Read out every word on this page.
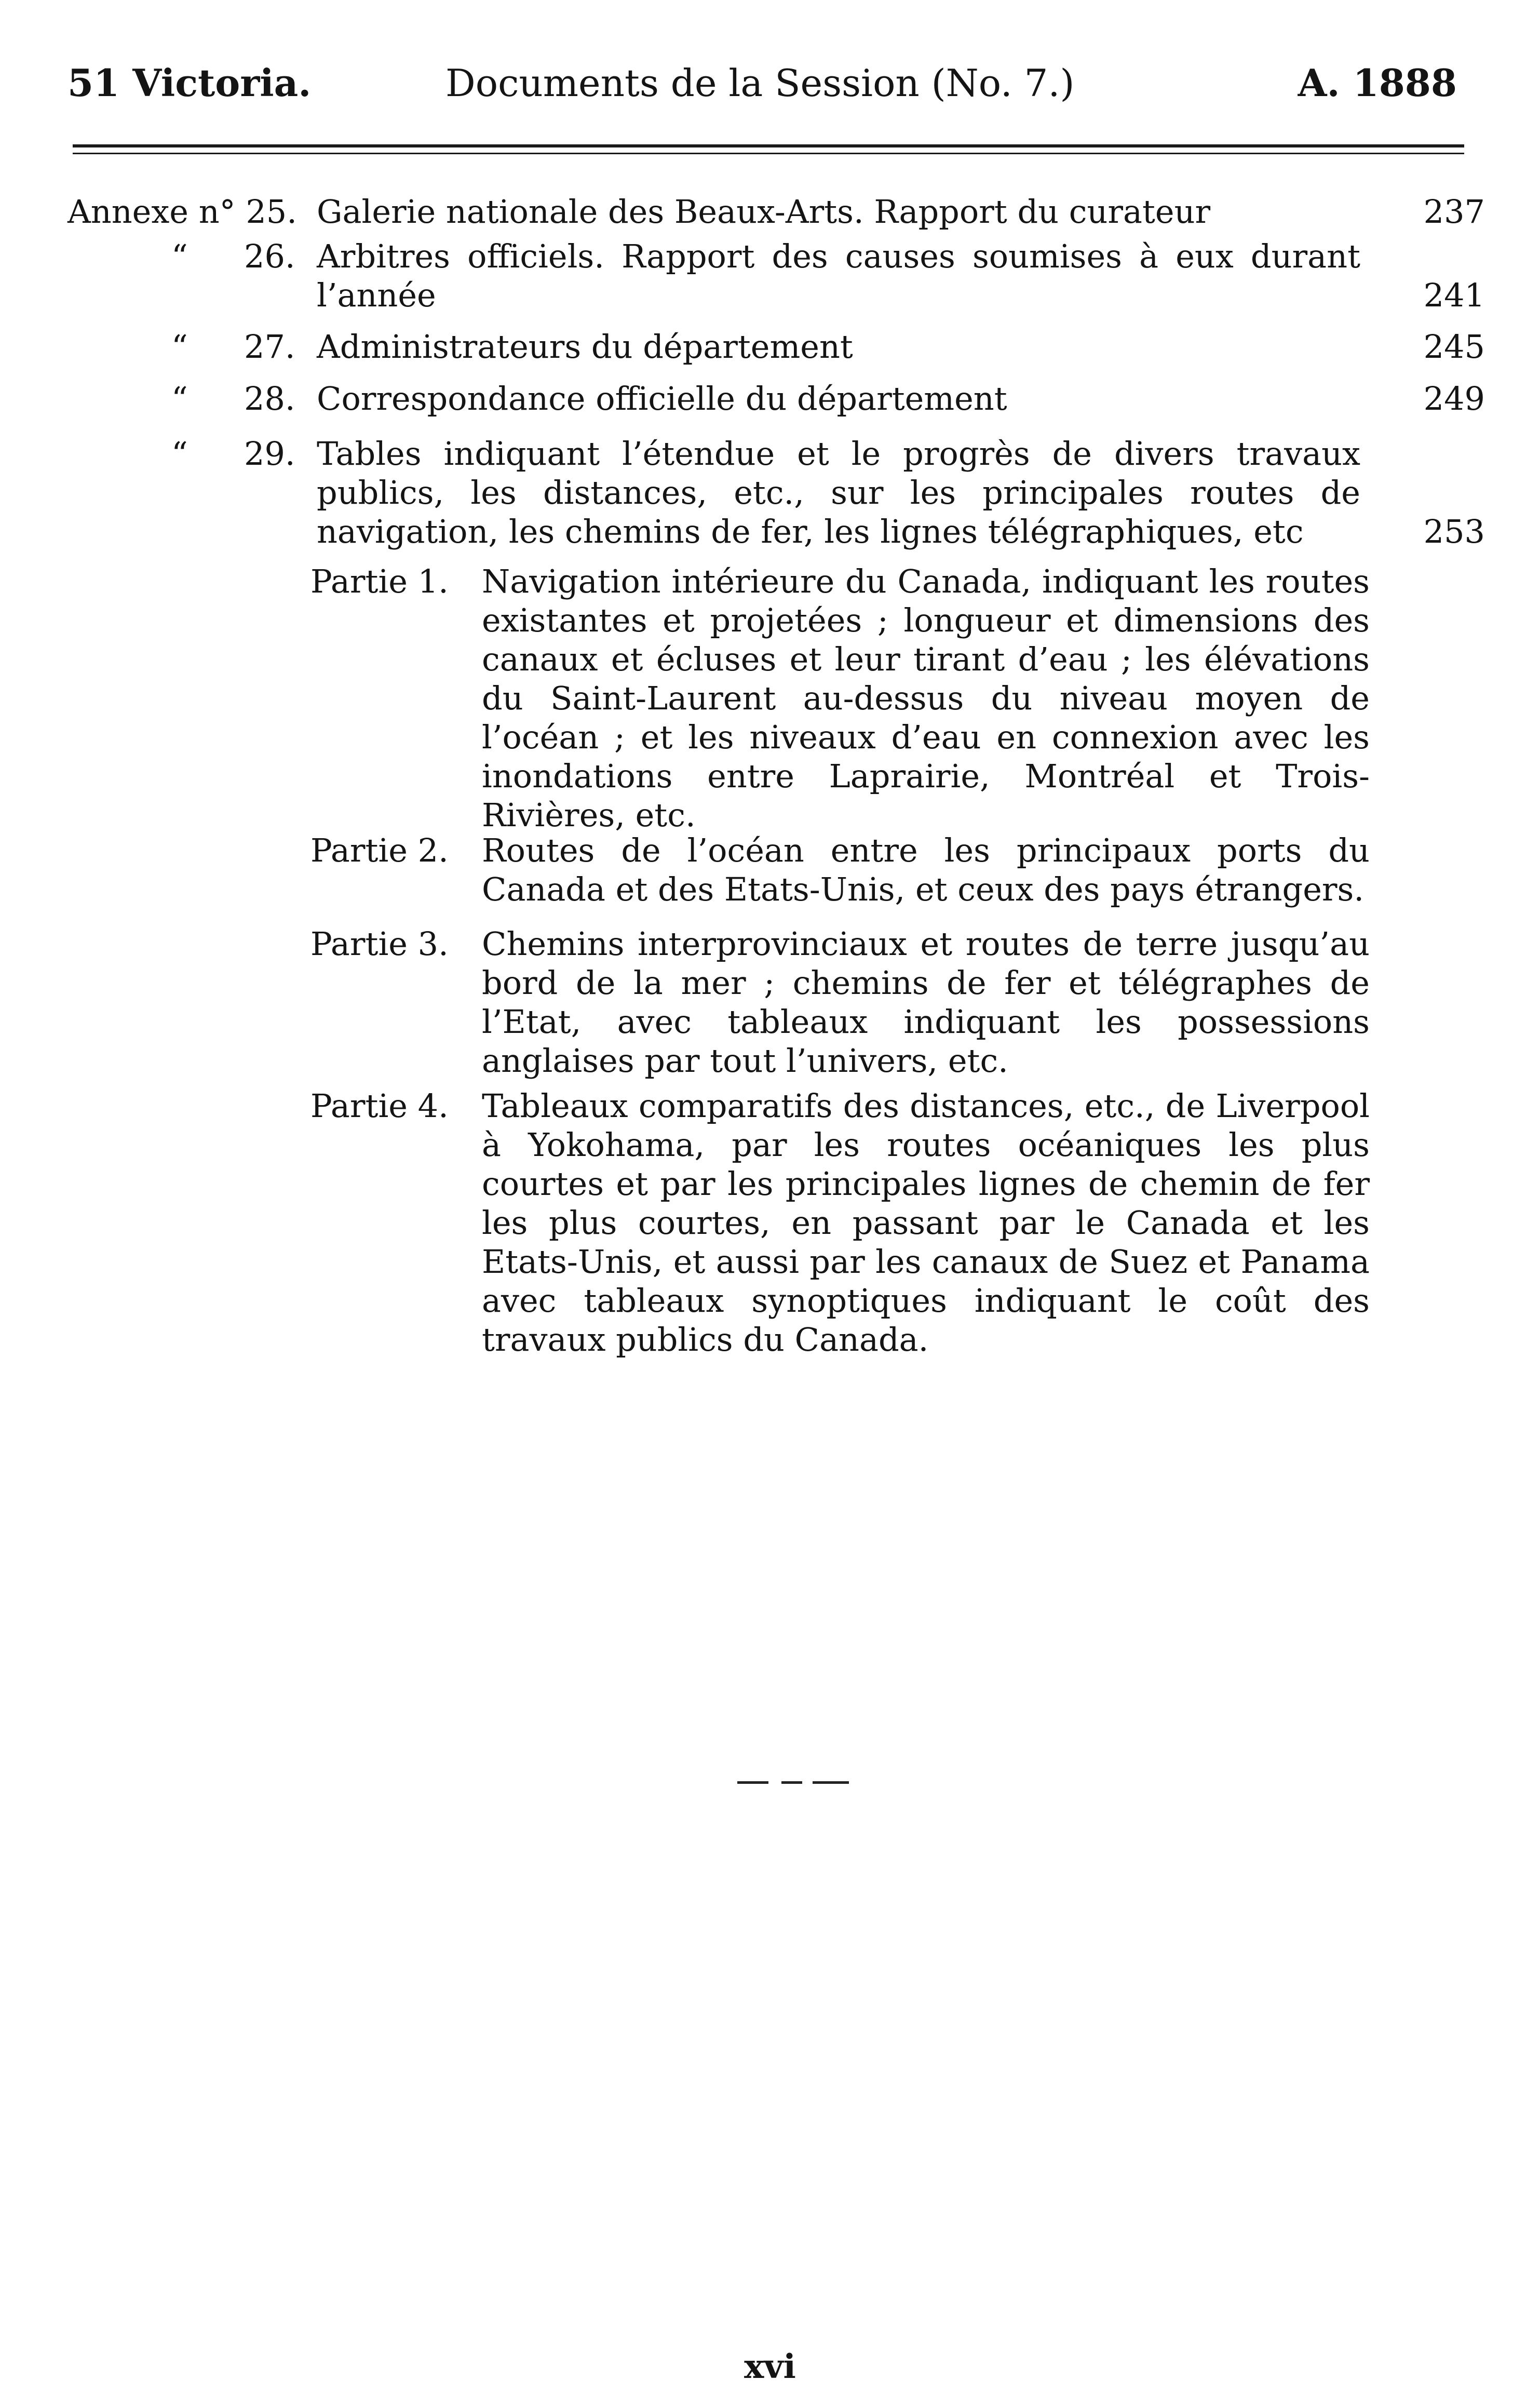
51 Victoria.	Documents de la Session (No. 7.)	A. 1888
Annexe n° 25. Galerie nationale des Beaux-Arts. Rapport du curateur	237
“ 26. Arbitres officiels. Rapport des causes soumises à eux durant l’année	241
“ 27. Administrateurs du département	245
“ 28. Correspondance officielle du département	249
“ 29. Tables indiquant l’étendue et le progrès de divers travaux publics, les distances, etc., sur les principales routes de navigation, les chemins de fer, les lignes télégraphiques, etc	253
Partie 1. Navigation intérieure du Canada, indiquant les routes existantes et projetées ; longueur et dimensions des canaux et écluses et leur tirant d’eau ; les élévations du Saint-Laurent au-dessus du niveau moyen de l’océan ; et les niveaux d’eau en connexion avec les inondations entre Laprairie, Montréal et Trois-Rivières, etc.
Partie 2. Routes de l’océan entre les principaux ports du Canada et des Etats-Unis, et ceux des pays étrangers.
Partie 3. Chemins interprovinciaux et routes de terre jusqu’au bord de la mer ; chemins de fer et télégraphes de l’Etat, avec tableaux indiquant les possessions anglaises par tout l’univers, etc.
Partie 4. Tableaux comparatifs des distances, etc., de Liverpool à Yokohama, par les routes océaniques les plus courtes et par les principales lignes de chemin de fer les plus courtes, en passant par le Canada et les Etats-Unis, et aussi par les canaux de Suez et Panama avec tableaux synoptiques indiquant le coût des travaux publics du Canada.
xvi
